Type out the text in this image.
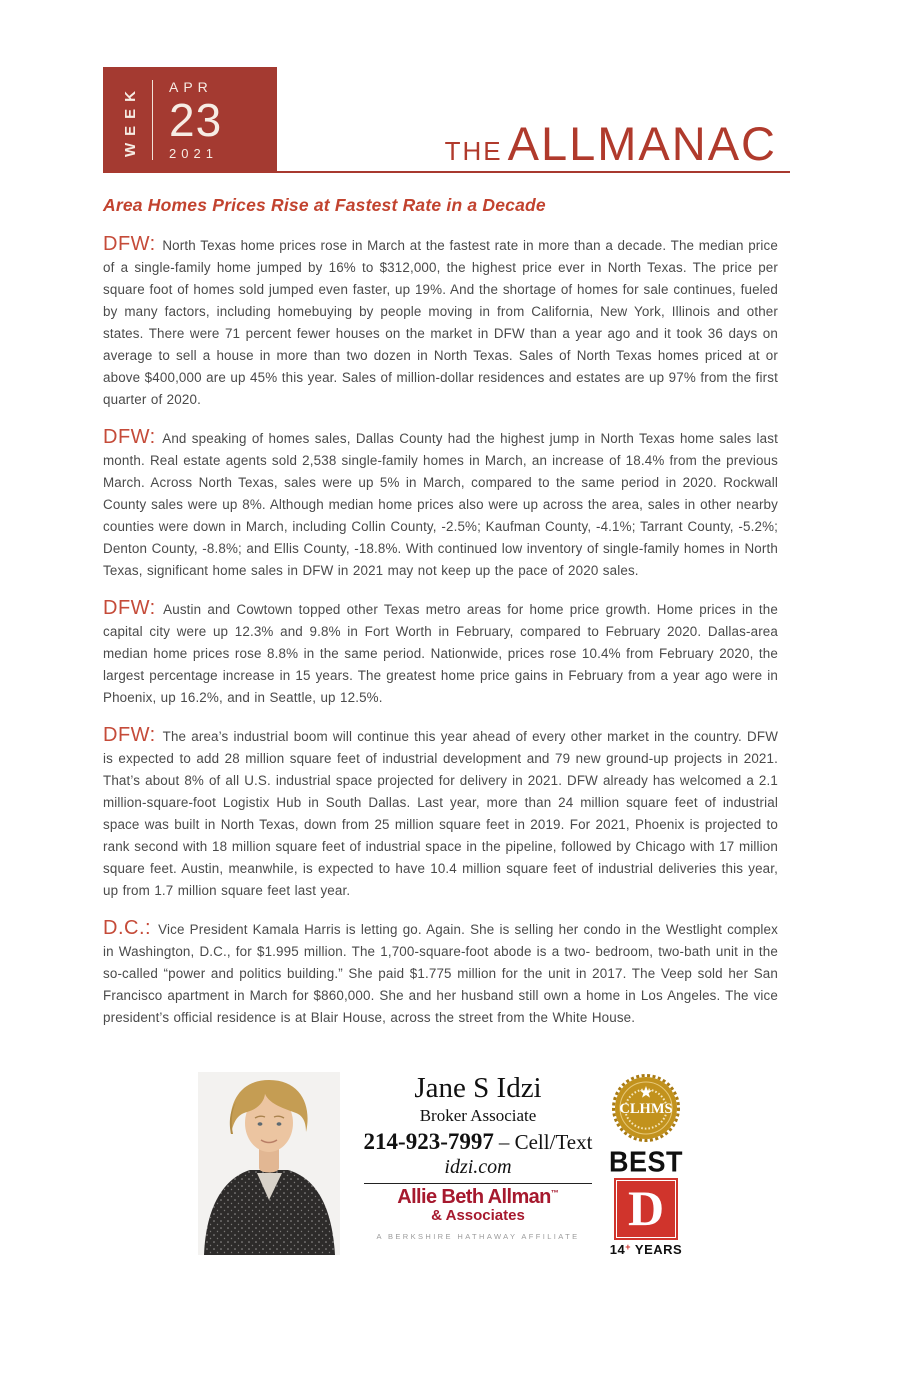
WEEK APR
23
2021	THE ALLMANAC
Area Homes Prices Rise at Fastest Rate in a Decade

DFW: North Texas home prices rose in March at the fastest rate in more than a decade. The median price of a single-family home jumped by 16% to $312,000, the highest price ever in North Texas. The price per square foot of homes sold jumped even faster, up 19%. And the shortage of homes for sale continues, fueled by many factors, including homebuying by people moving in from California, New York, Illinois and other states. There were 71 percent fewer houses on the market in DFW than a year ago and it took 36 days on average to sell a house in more than two dozen in North Texas. Sales of North Texas homes priced at or above $400,000 are up 45% this year. Sales of million-dollar residences and estates are up 97% from the first quarter of 2020.

DFW: And speaking of homes sales, Dallas County had the highest jump in North Texas home sales last month. Real estate agents sold 2,538 single-family homes in March, an increase of 18.4% from the previous March. Across North Texas, sales were up 5% in March, compared to the same period in 2020. Rockwall County sales were up 8%. Although median home prices also were up across the area, sales in other nearby counties were down in March, including Collin County, -2.5%; Kaufman County, -4.1%; Tarrant County, -5.2%; Denton County, -8.8%; and Ellis County, -18.8%. With continued low inventory of single-family homes in North Texas, significant home sales in DFW in 2021 may not keep up the pace of 2020 sales.

DFW: Austin and Cowtown topped other Texas metro areas for home price growth. Home prices in the capital city were up 12.3% and 9.8% in Fort Worth in February, compared to February 2020. Dallas-area median home prices rose 8.8% in the same period. Nationwide, prices rose 10.4% from February 2020, the largest percentage increase in 15 years. The greatest home price gains in February from a year ago were in Phoenix, up 16.2%, and in Seattle, up 12.5%.

DFW: The area’s industrial boom will continue this year ahead of every other market in the country. DFW is expected to add 28 million square feet of industrial development and 79 new ground-up projects in 2021. That’s about 8% of all U.S. industrial space projected for delivery in 2021. DFW already has welcomed a 2.1 million-square-foot Logistix Hub in South Dallas. Last year, more than 24 million square feet of industrial space was built in North Texas, down from 25 million square feet in 2019. For 2021, Phoenix is projected to rank second with 18 million square feet of industrial space in the pipeline, followed by Chicago with 17 million square feet. Austin, meanwhile, is expected to have 10.4 million square feet of industrial deliveries this year, up from 1.7 million square feet last year.

D.C.: Vice President Kamala Harris is letting go. Again. She is selling her condo in the Westlight complex in Washington, D.C., for $1.995 million. The 1,700-square-foot abode is a two- bedroom, two-bath unit in the so-called “power and politics building.” She paid $1.775 million for the unit in 2017. The Veep sold her San Francisco apartment in March for $860,000. She and her husband still own a home in Los Angeles. The vice president’s official residence is at Blair House, across the street from the White House.

Jane S Idzi
Broker Associate
214-923-7997 – Cell/Text
idzi.com
Allie Beth Allman™
& Associates
A BERKSHIRE HATHAWAY AFFILIATE
CLHMS
BEST
D
14+ YEARS
